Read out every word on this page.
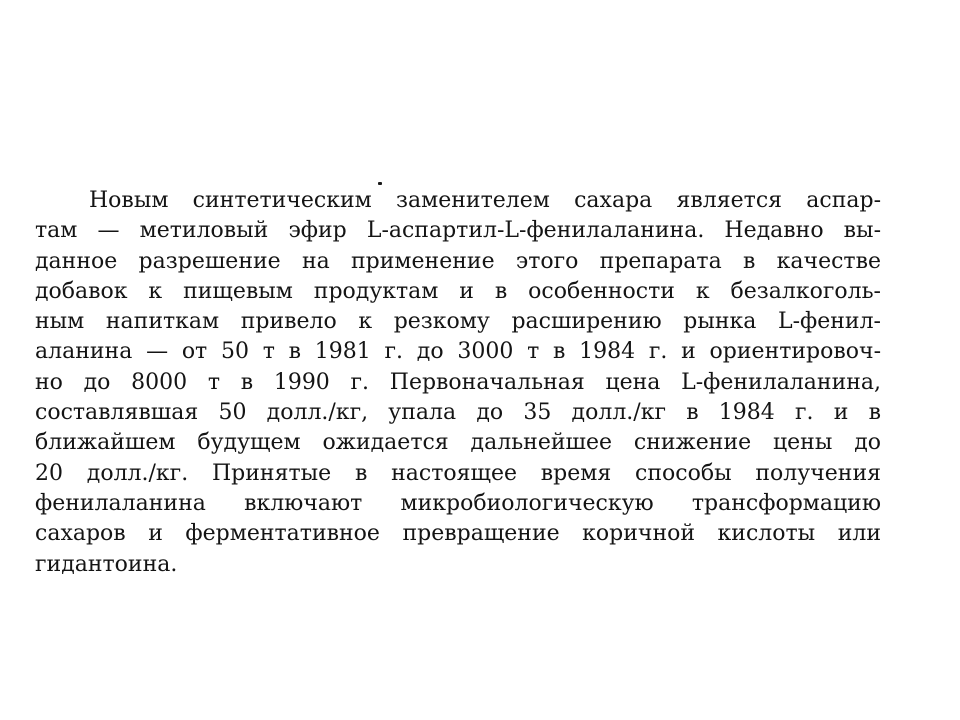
Новым синтетическим заменителем сахара является аспар-
там — метиловый эфир L-аспартил-L-фенилаланина. Недавно вы-
данное разрешение на применение этого препарата в качестве
добавок к пищевым продуктам и в особенности к безалкоголь-
ным напиткам привело к резкому расширению рынка L-фенил-
аланина — от 50 т в 1981 г. до 3000 т в 1984 г. и ориентировоч-
но до 8000 т в 1990 г. Первоначальная цена L-фенилаланина,
составлявшая 50 долл./кг, упала до 35 долл./кг в 1984 г. и в
ближайшем будущем ожидается дальнейшее снижение цены до
20 долл./кг. Принятые в настоящее время способы получения
фенилаланина включают микробиологическую трансформацию
сахаров и ферментативное превращение коричной кислоты или
гидантоина.
